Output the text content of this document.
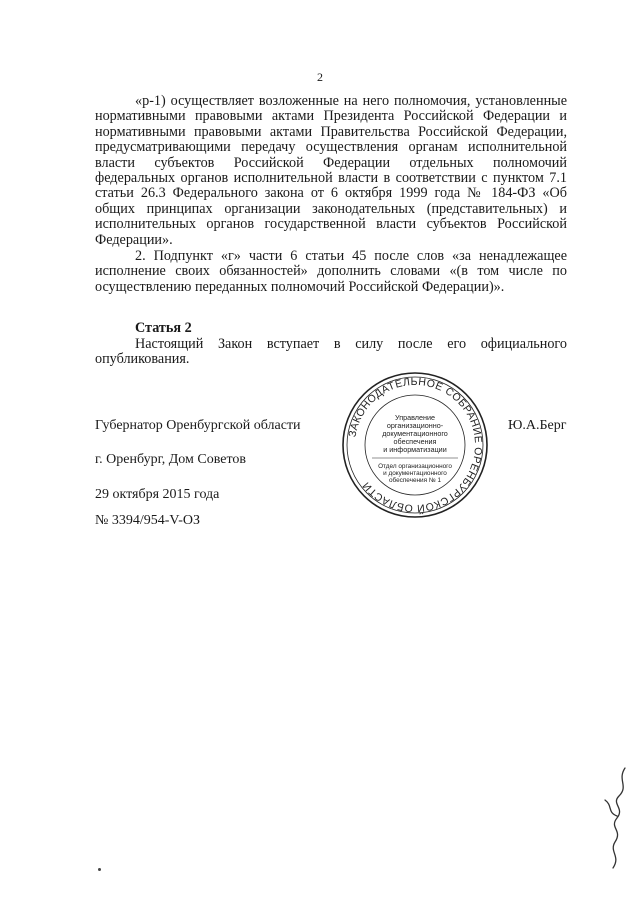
2

«р-1) осуществляет возложенные на него полномочия, установленные нормативными правовыми актами Президента Российской Федерации и нормативными правовыми актами Правительства Российской Федерации, предусматривающими передачу осуществления органам исполнительной власти субъектов Российской Федерации отдельных полномочий федеральных органов исполнительной власти в соответствии с пунктом 7.1 статьи 26.3 Федерального закона от 6 октября 1999 года № 184-ФЗ «Об общих принципах организации законодательных (представительных) и исполнительных органов государственной власти субъектов Российской Федерации».

2. Подпункт «г» части 6 статьи 45 после слов «за ненадлежащее исполнение своих обязанностей» дополнить словами «(в том числе по осуществлению переданных полномочий Российской Федерации)».

Статья 2

Настоящий Закон вступает в силу после его официального опубликования.

Губернатор Оренбургской области	Ю.А.Берг
г. Оренбург, Дом Советов
29 октября 2015 года
№ 3394/954-V-ОЗ
ЗАКОНОДАТЕЛЬНОЕ СОБРАНИЕ ОРЕНБУРГСКОЙ ОБЛАСТИ
Управление
организационно-
документационного
обеспечения
и информатизации
Отдел организационного
и документационного
обеспечения № 1
